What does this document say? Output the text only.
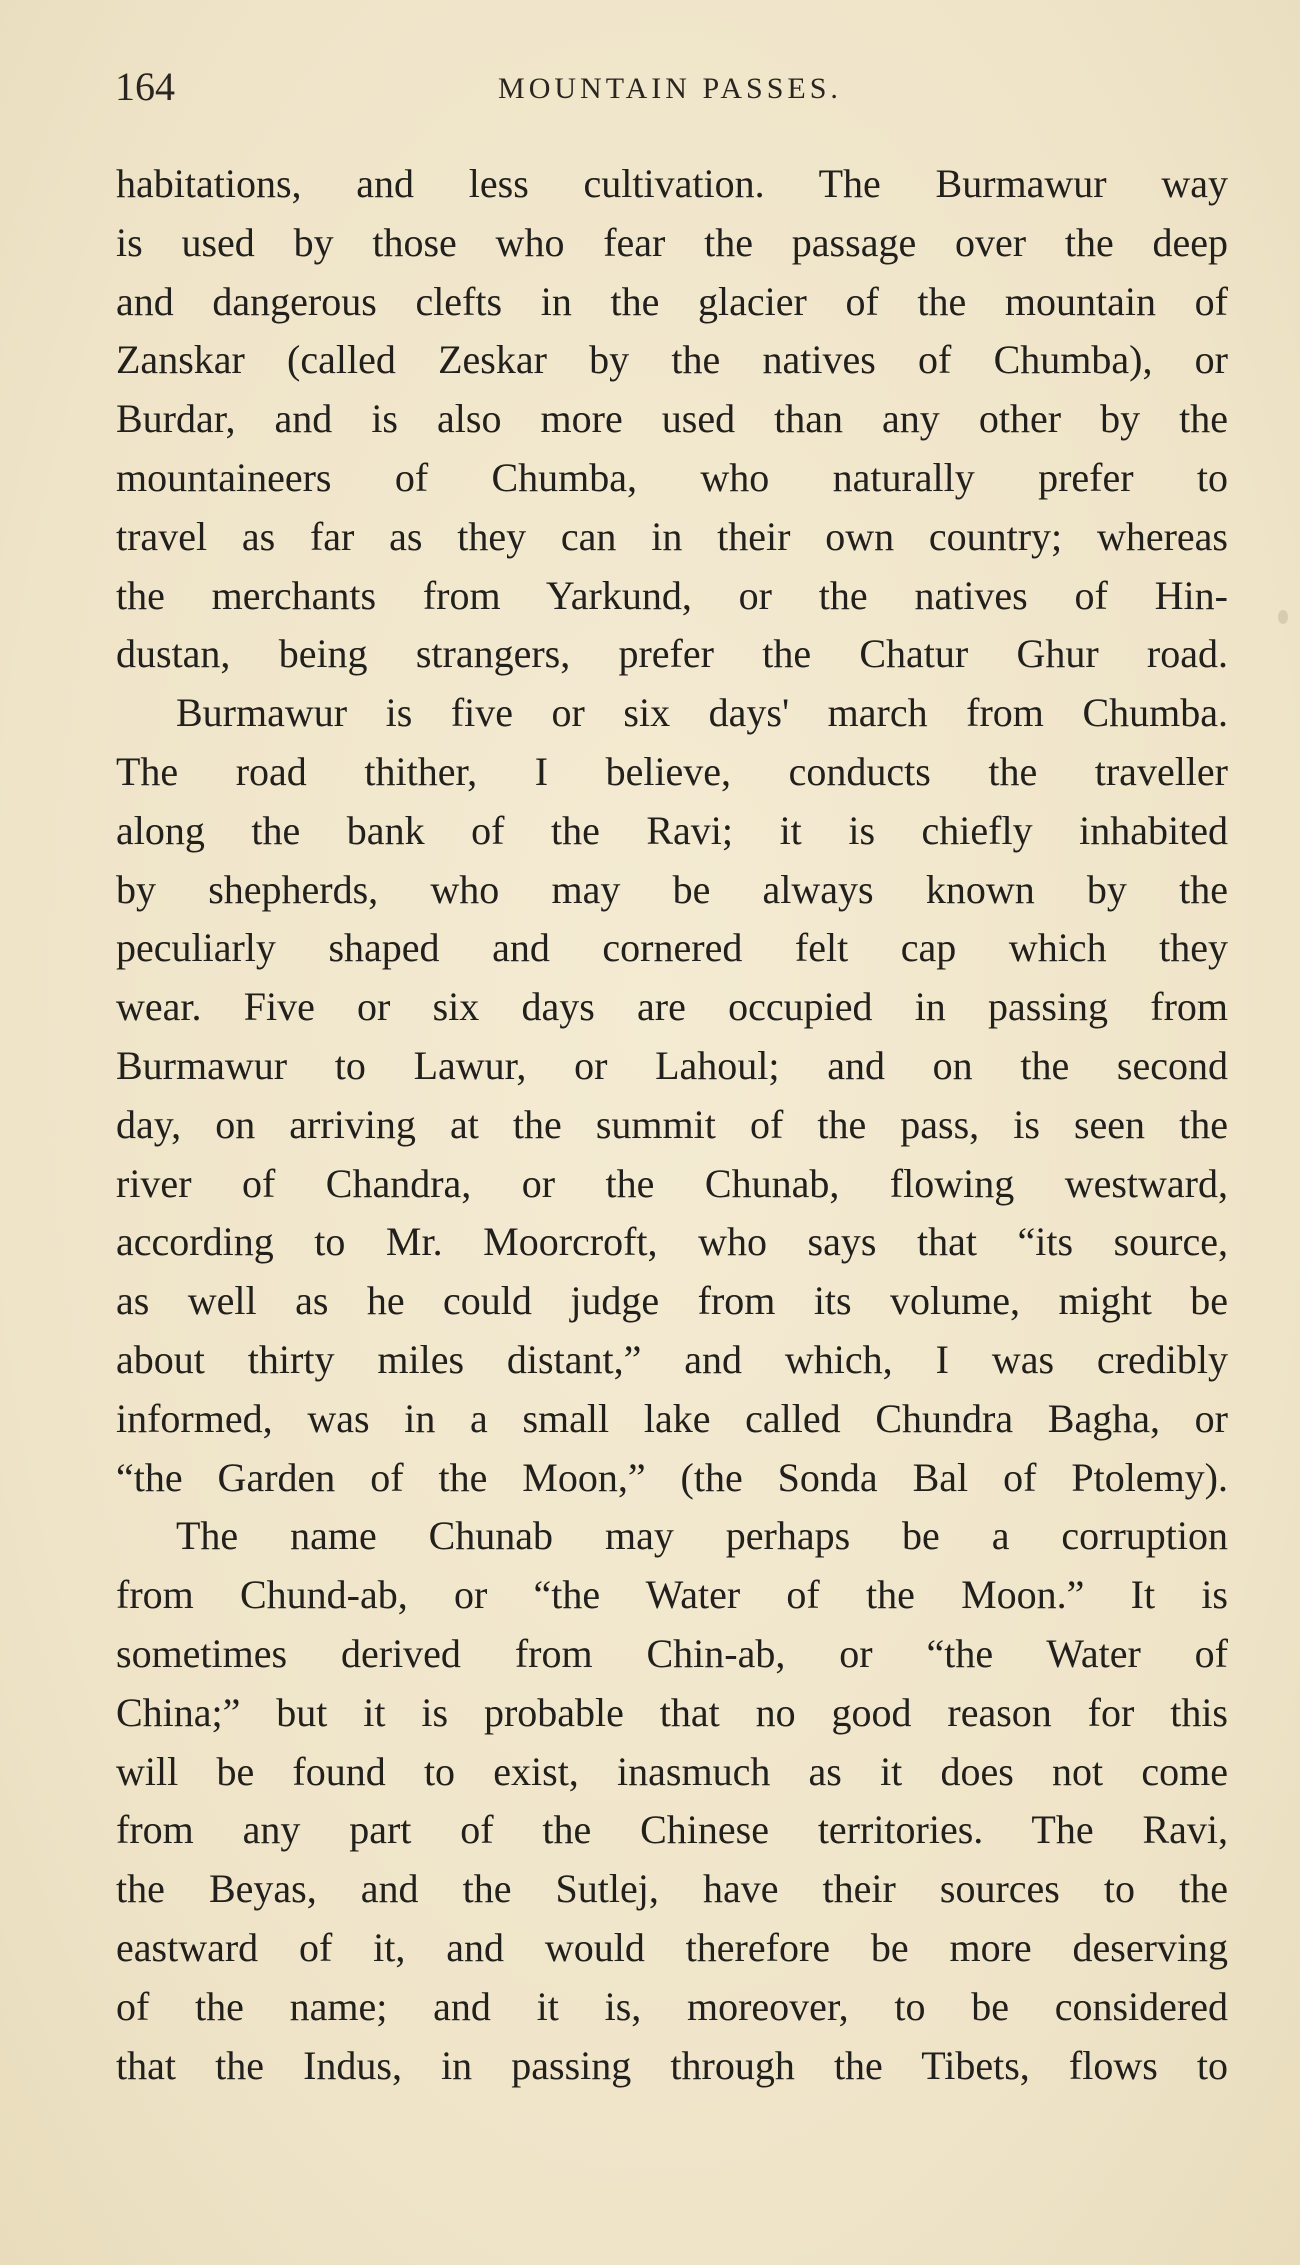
164	MOUNTAIN PASSES.
habitations, and less cultivation. The Burmawur way
is used by those who fear the passage over the deep
and dangerous clefts in the glacier of the mountain of
Zanskar (called Zeskar by the natives of Chumba), or
Burdar, and is also more used than any other by the
mountaineers of Chumba, who naturally prefer to
travel as far as they can in their own country; whereas
the merchants from Yarkund, or the natives of Hin-
dustan, being strangers, prefer the Chatur Ghur road.
Burmawur is five or six days' march from Chumba.
The road thither, I believe, conducts the traveller
along the bank of the Ravi; it is chiefly inhabited
by shepherds, who may be always known by the
peculiarly shaped and cornered felt cap which they
wear. Five or six days are occupied in passing from
Burmawur to Lawur, or Lahoul; and on the second
day, on arriving at the summit of the pass, is seen the
river of Chandra, or the Chunab, flowing westward,
according to Mr. Moorcroft, who says that “its source,
as well as he could judge from its volume, might be
about thirty miles distant,” and which, I was credibly
informed, was in a small lake called Chundra Bagha, or
“the Garden of the Moon,” (the Sonda Bal of Ptolemy).
The name Chunab may perhaps be a corruption
from Chund-ab, or “the Water of the Moon.” It is
sometimes derived from Chin-ab, or “the Water of
China;” but it is probable that no good reason for this
will be found to exist, inasmuch as it does not come
from any part of the Chinese territories. The Ravi,
the Beyas, and the Sutlej, have their sources to the
eastward of it, and would therefore be more deserving
of the name; and it is, moreover, to be considered
that the Indus, in passing through the Tibets, flows to
